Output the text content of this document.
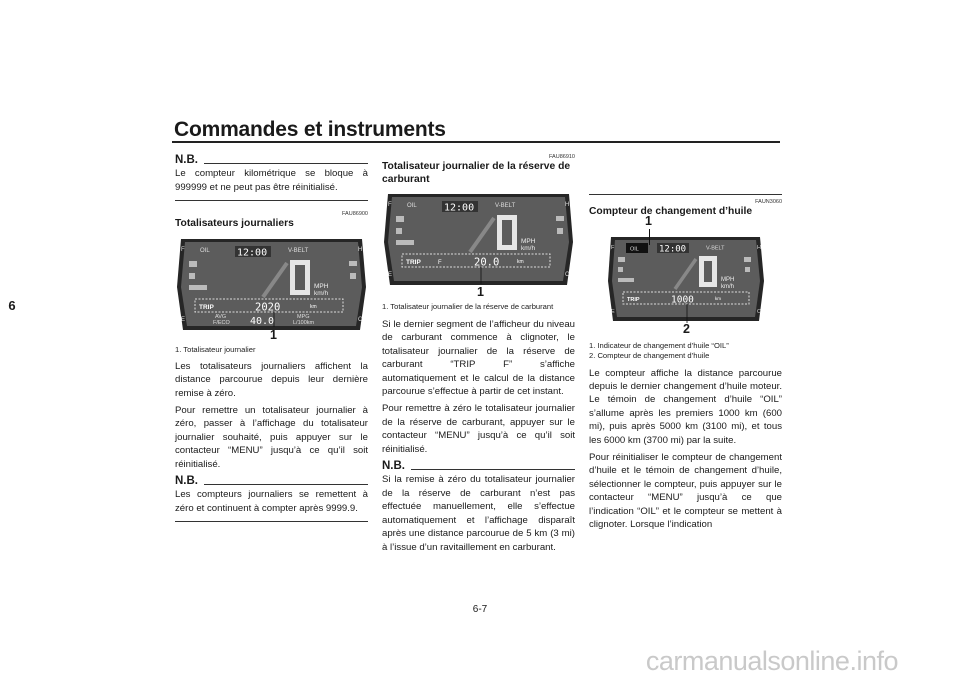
Commandes et instruments
6
N.B.

Le compteur kilométrique se bloque à 999999 et ne peut pas être réinitialisé.

FAU86900
Totalisateurs journaliers
OIL	12:00	V-BELT
F	H
E	C
MPH
km/h
TRIP	2020	km
AVG
F/ECO 40.0	MPG
L/100km
1

1. Totalisateur journalier

Les totalisateurs journaliers affichent la distance parcourue depuis leur dernière remise à zéro.

Pour remettre un totalisateur journalier à zéro, passer à l’affichage du totalisateur journalier souhaité, puis appuyer sur le contacteur “MENU” jusqu’à ce qu’il soit réinitialisé.

N.B.

Les compteurs journaliers se remettent à zéro et continuent à compter après 9999.9.

FAU86910
Totalisateur journalier de la réserve de carburant
OIL	12:00	V-BELT
F	H
E	C
MPH
km/h
TRIP	F	20.0	km
1

1. Totalisateur journalier de la réserve de carburant

Si le dernier segment de l’afficheur du niveau de carburant commence à clignoter, le totalisateur journalier de la réserve de carburant “TRIP F” s’affiche automatiquement et le calcul de la distance parcourue s’effectue à partir de cet instant.

Pour remettre à zéro le totalisateur journalier de la réserve de carburant, appuyer sur le contacteur “MENU” jusqu’à ce qu’il soit réinitialisé.

N.B.

Si la remise à zéro du totalisateur journalier de la réserve de carburant n’est pas effectuée manuellement, elle s’effectue automatiquement et l’affichage disparaît après une distance parcourue de 5 km (3 mi) à l’issue d’un ravitaillement en carburant.

FAUN3060
Compteur de changement d’huile
OIL 12:00	V-BELT
F	H
E	C
MPH
km/h
TRIP	1000	km
1
2

1. Indicateur de changement d’huile “OIL”

2. Compteur de changement d’huile

Le compteur affiche la distance parcourue depuis le dernier changement d’huile moteur. Le témoin de changement d’huile “OIL” s’allume après les premiers 1000 km (600 mi), puis après 5000 km (3100 mi), et tous les 6000 km (3700 mi) par la suite.

Pour réinitialiser le compteur de changement d’huile et le témoin de changement d’huile, sélectionner le compteur, puis appuyer sur le contacteur “MENU” jusqu’à ce que l’indication “OIL” et le compteur se mettent à clignoter. Lorsque l’indication

6-7
carmanualsonline.info
